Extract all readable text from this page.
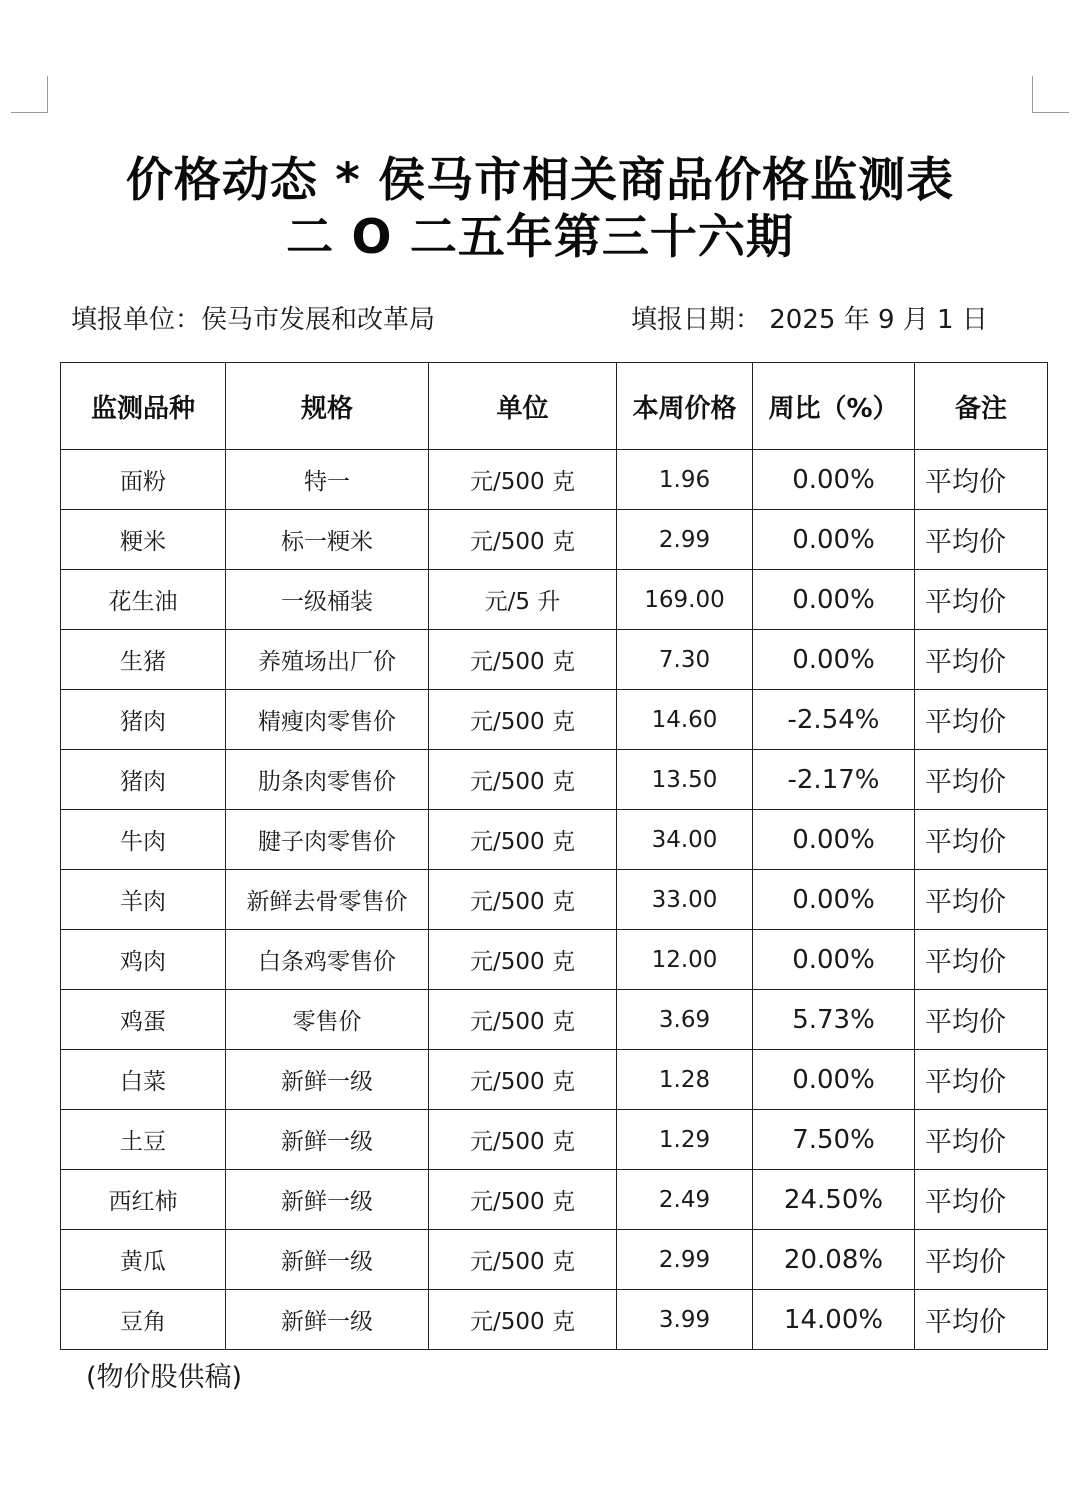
价格动态 * 侯马市相关商品价格监测表
二 O 二五年第三十六期
填报单位：侯马市发展和改革局	填报日期： 2025 年 9 月 1 日
监测品种	规格	单位	本周价格	周比（%）	备注
面粉	特一	元/500 克	1.96	0.00%	平均价
粳米	标一粳米	元/500 克	2.99	0.00%	平均价
花生油	一级桶装	元/5 升	169.00	0.00%	平均价
生猪	养殖场出厂价	元/500 克	7.30	0.00%	平均价
猪肉	精瘦肉零售价	元/500 克	14.60	-2.54%	平均价
猪肉	肋条肉零售价	元/500 克	13.50	-2.17%	平均价
牛肉	腱子肉零售价	元/500 克	34.00	0.00%	平均价
羊肉	新鲜去骨零售价	元/500 克	33.00	0.00%	平均价
鸡肉	白条鸡零售价	元/500 克	12.00	0.00%	平均价
鸡蛋	零售价	元/500 克	3.69	5.73%	平均价
白菜	新鲜一级	元/500 克	1.28	0.00%	平均价
土豆	新鲜一级	元/500 克	1.29	7.50%	平均价
西红柿	新鲜一级	元/500 克	2.49	24.50%	平均价
黄瓜	新鲜一级	元/500 克	2.99	20.08%	平均价
豆角	新鲜一级	元/500 克	3.99	14.00%	平均价
(物价股供稿)
